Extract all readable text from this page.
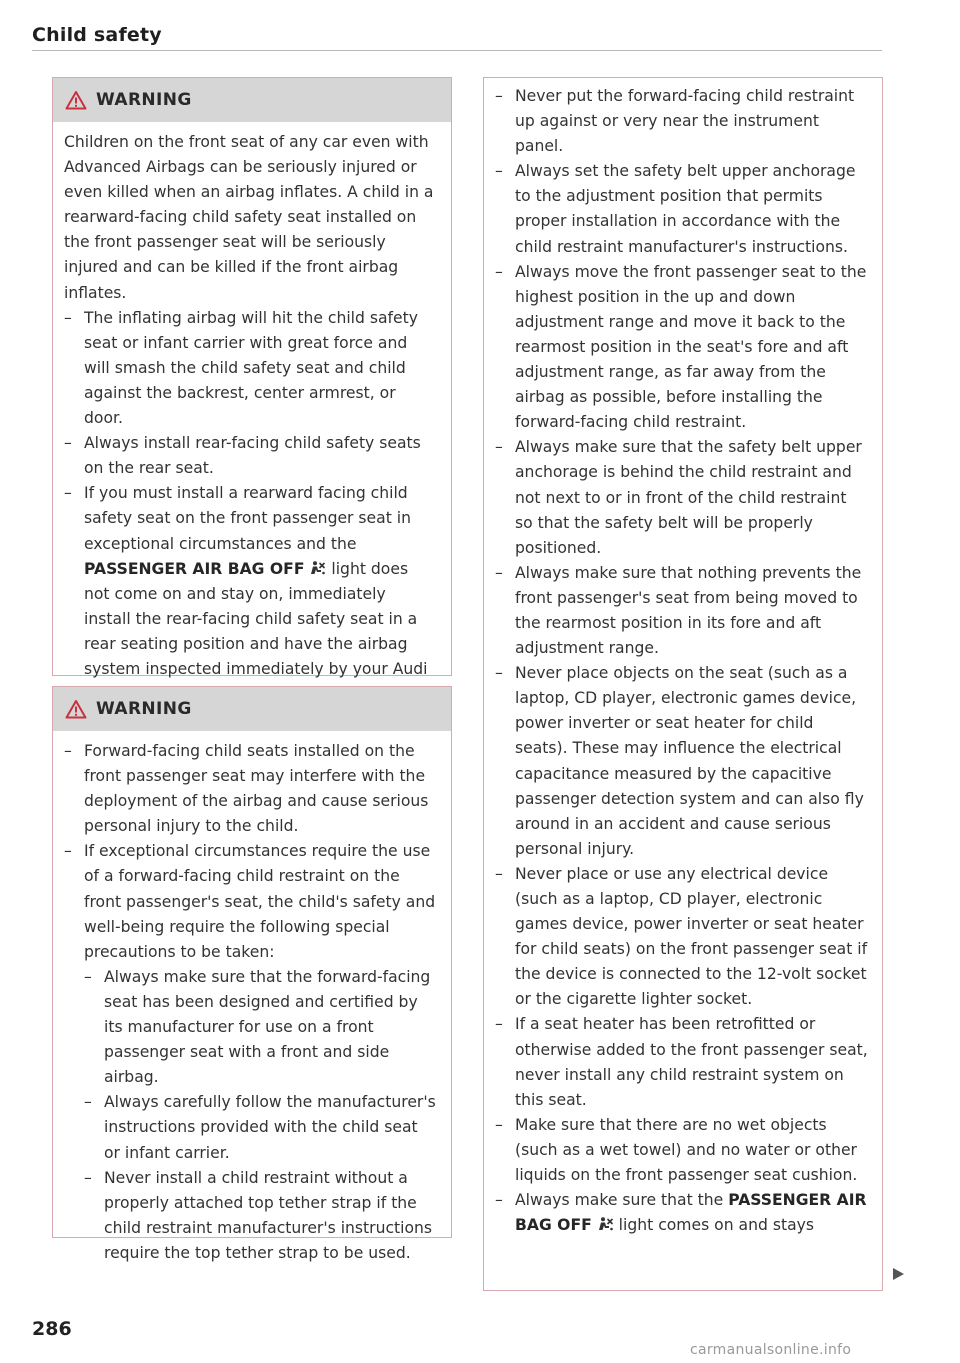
Child safety
WARNING

Children on the front seat of any car even with Advanced Airbags can be seriously injured or even killed when an airbag inflates. A child in a rearward-facing child safety seat installed on the front passenger seat will be seriously injured and can be killed if the front airbag inflates.

– The inflating airbag will hit the child safety seat or infant carrier with great force and will smash the child safety seat and child against the backrest, center armrest, or door.
– Always install rear-facing child safety seats on the rear seat.
– If you must install a rearward facing child safety seat on the front passenger seat in exceptional circumstances and the PASSENGER AIR BAG OFF  light does not come on and stay on, immediately install the rear-facing child safety seat in a rear seating position and have the airbag system inspected immediately by your Audi
WARNING
– Forward-facing child seats installed on the front passenger seat may interfere with the deployment of the airbag and cause serious personal injury to the child.
– If exceptional circumstances require the use of a forward-facing child restraint on the front passenger's seat, the child's safety and well-being require the following special precautions to be taken:
– Always make sure that the forward-facing seat has been designed and certified by its manufacturer for use on a front passenger seat with a front and side airbag.
– Always carefully follow the manufacturer's instructions provided with the child seat or infant carrier.
– Never install a child restraint without a properly attached top tether strap if the child restraint manufacturer's instructions require the top tether strap to be used.
– Never put the forward-facing child restraint up against or very near the instrument panel.
– Always set the safety belt upper anchorage to the adjustment position that permits proper installation in accordance with the child restraint manufacturer's instructions.
– Always move the front passenger seat to the highest position in the up and down adjustment range and move it back to the rearmost position in the seat's fore and aft adjustment range, as far away from the airbag as possible, before installing the forward-facing child restraint.
– Always make sure that the safety belt upper anchorage is behind the child restraint and not next to or in front of the child restraint so that the safety belt will be properly positioned.
– Always make sure that nothing prevents the front passenger's seat from being moved to the rearmost position in its fore and aft adjustment range.
– Never place objects on the seat (such as a laptop, CD player, electronic games device, power inverter or seat heater for child seats). These may influence the electrical capacitance measured by the capacitive passenger detection system and can also fly around in an accident and cause serious personal injury.
– Never place or use any electrical device (such as a laptop, CD player, electronic games device, power inverter or seat heater for child seats) on the front passenger seat if the device is connected to the 12-volt socket or the cigarette lighter socket.
– If a seat heater has been retrofitted or otherwise added to the front passenger seat, never install any child restraint system on this seat.
– Make sure that there are no wet objects (such as a wet towel) and no water or other liquids on the front passenger seat cushion.
– Always make sure that the PASSENGER AIR BAG OFF  light comes on and stays
286
carmanualsonline.info
